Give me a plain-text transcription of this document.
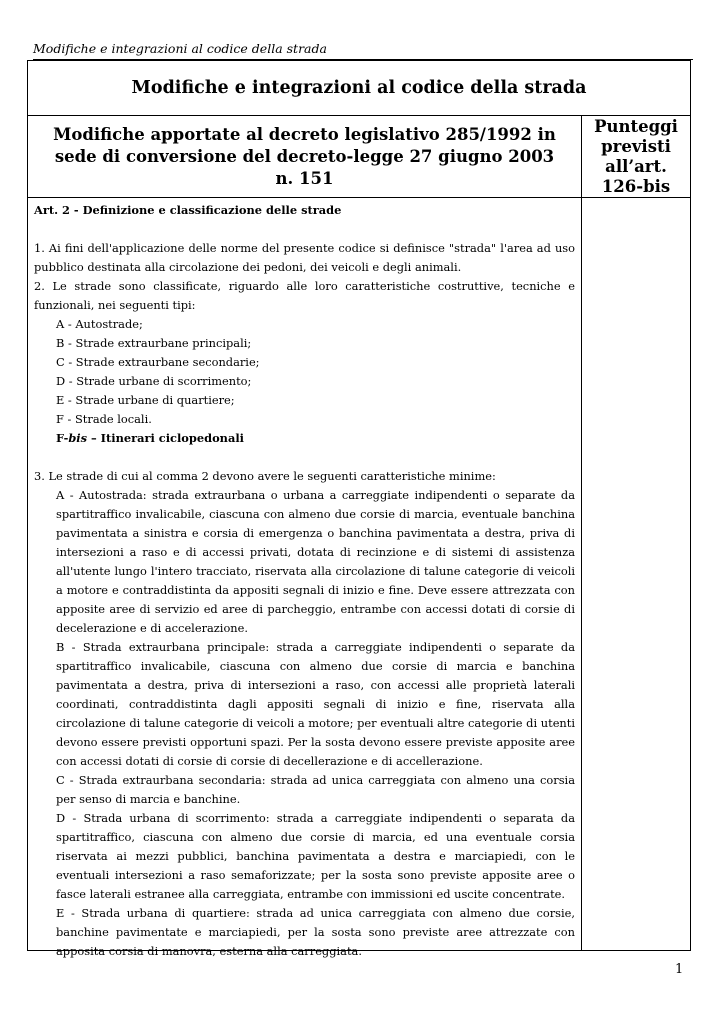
Modifiche e integrazioni al codice della strada
Modifiche e integrazioni al codice della strada
Modifiche apportate al decreto legislativo 285/1992 in sede di conversione del decreto-legge 27 giugno 2003 n. 151
Punteggi previsti all’art. 126-bis

Art. 2 - Definizione e classificazione delle strade

1. Ai fini dell'applicazione delle norme del presente codice si definisce "strada" l'area ad uso pubblico destinata alla circolazione dei pedoni, dei veicoli e degli animali.

2. Le strade sono classificate, riguardo alle loro caratteristiche costruttive, tecniche e funzionali, nei seguenti tipi:

A - Autostrade;

B - Strade extraurbane principali;

C - Strade extraurbane secondarie;

D - Strade urbane di scorrimento;

E - Strade urbane di quartiere;

F - Strade locali.

F-bis – Itinerari ciclopedonali

3. Le strade di cui al comma 2 devono avere le seguenti caratteristiche minime:

A - Autostrada: strada extraurbana o urbana a carreggiate indipendenti o separate da spartitraffico invalicabile, ciascuna con almeno due corsie di marcia, eventuale banchina pavimentata a sinistra e corsia di emergenza o banchina pavimentata a destra, priva di intersezioni a raso e di accessi privati, dotata di recinzione e di sistemi di assistenza all'utente lungo l'intero tracciato, riservata alla circolazione di talune categorie di veicoli a motore e contraddistinta da appositi segnali di inizio e fine. Deve essere attrezzata con apposite aree di servizio ed aree di parcheggio, entrambe con accessi dotati di corsie di decelerazione e di accelerazione.

B - Strada extraurbana principale: strada a carreggiate indipendenti o separate da spartitraffico invalicabile, ciascuna con almeno due corsie di marcia e banchina pavimentata a destra, priva di intersezioni a raso, con accessi alle proprietà laterali coordinati, contraddistinta dagli appositi segnali di inizio e fine, riservata alla circolazione di talune categorie di veicoli a motore; per eventuali altre categorie di utenti devono essere previsti opportuni spazi. Per la sosta devono essere previste apposite aree con accessi dotati di corsie di corsie di decellerazione e di accellerazione.

C - Strada extraurbana secondaria: strada ad unica carreggiata con almeno una corsia per senso di marcia e banchine.

D - Strada urbana di scorrimento: strada a carreggiate indipendenti o separata da spartitraffico, ciascuna con almeno due corsie di marcia, ed una eventuale corsia riservata ai mezzi pubblici, banchina pavimentata a destra e marciapiedi, con le eventuali intersezioni a raso semaforizzate; per la sosta sono previste apposite aree o fasce laterali estranee alla carreggiata, entrambe con immissioni ed uscite concentrate.

E - Strada urbana di quartiere: strada ad unica carreggiata con almeno due corsie, banchine pavimentate e marciapiedi, per la sosta sono previste aree attrezzate con apposita corsia di manovra, esterna alla carreggiata.

1
